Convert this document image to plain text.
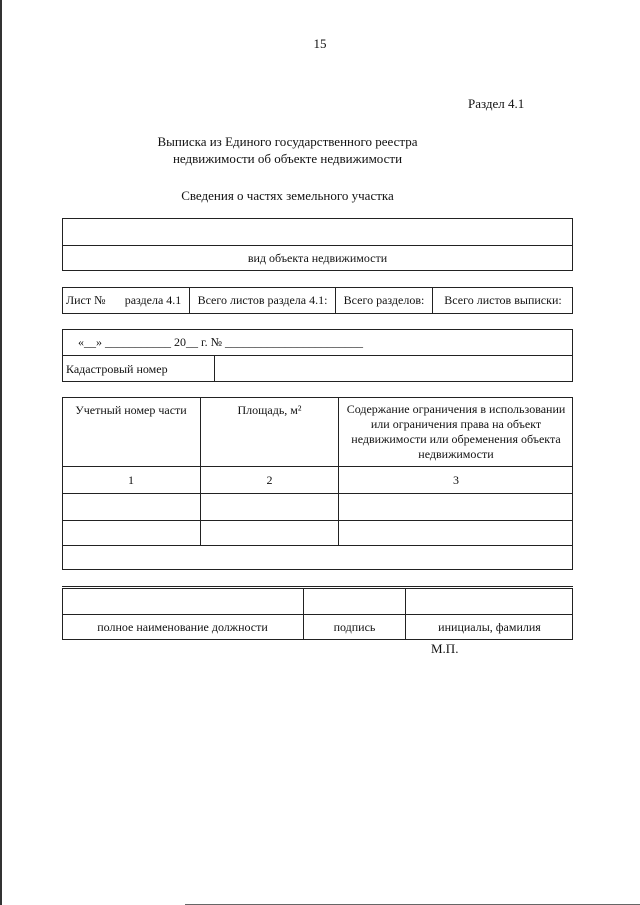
15
Раздел 4.1
Выписка из Единого государственного реестра
недвижимости об объекте недвижимости
Сведения о частях земельного участка
вид объекта недвижимости
Лист №	раздела 4.1	Всего листов раздела 4.1:	Всего разделов:	Всего листов выписки:
«__» ___________ 20__ г. № _______________________
Кадастровый номер
Учетный номер части	Площадь, м²	Содержание ограничения в использовании или ограничения права на объект недвижимости или обременения объекта недвижимости
1	2	3
полное наименование должности	подпись	инициалы, фамилия
М.П.
